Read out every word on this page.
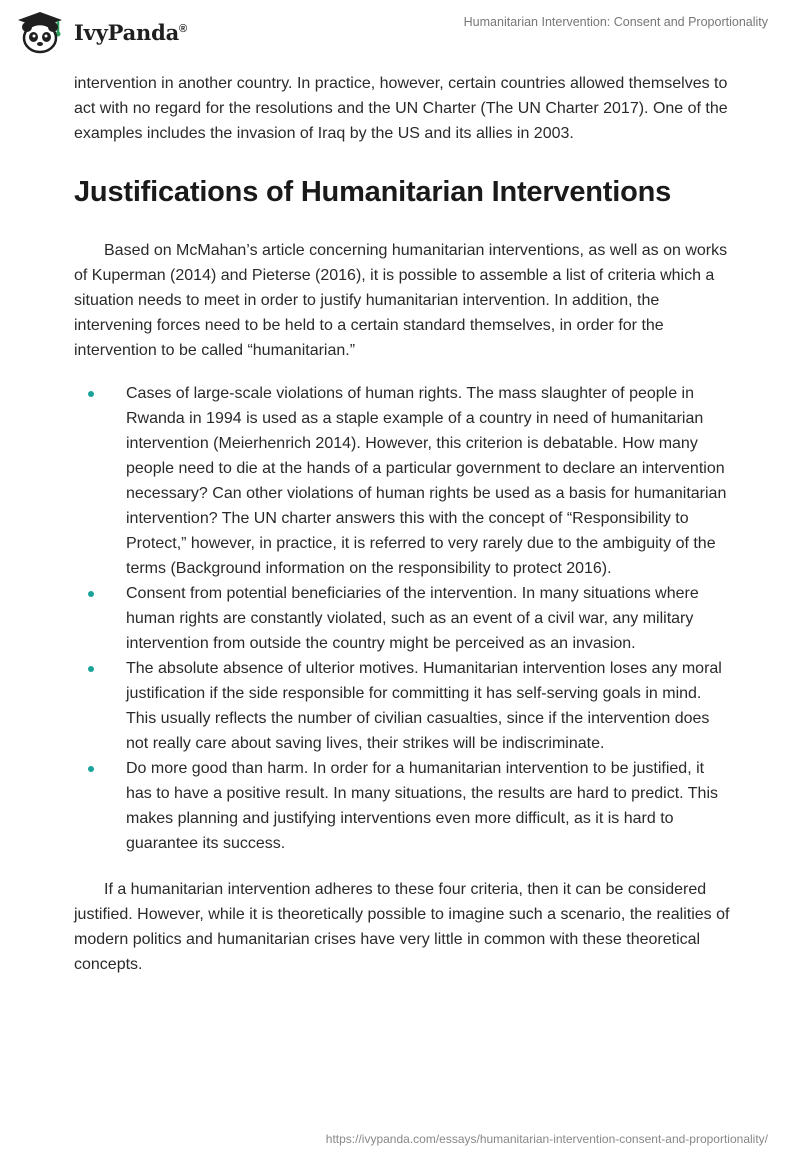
IvyPanda®	Humanitarian Intervention: Consent and Proportionality

intervention in another country. In practice, however, certain countries allowed themselves to act with no regard for the resolutions and the UN Charter (The UN Charter 2017). One of the examples includes the invasion of Iraq by the US and its allies in 2003.

Justifications of Humanitarian Interventions

Based on McMahan’s article concerning humanitarian interventions, as well as on works of Kuperman (2014) and Pieterse (2016), it is possible to assemble a list of criteria which a situation needs to meet in order to justify humanitarian intervention. In addition, the intervening forces need to be held to a certain standard themselves, in order for the intervention to be called “humanitarian.”

Cases of large-scale violations of human rights. The mass slaughter of people in Rwanda in 1994 is used as a staple example of a country in need of humanitarian intervention (Meierhenrich 2014). However, this criterion is debatable. How many people need to die at the hands of a particular government to declare an intervention necessary? Can other violations of human rights be used as a basis for humanitarian intervention? The UN charter answers this with the concept of “Responsibility to Protect,” however, in practice, it is referred to very rarely due to the ambiguity of the terms (Background information on the responsibility to protect 2016).
Consent from potential beneficiaries of the intervention. In many situations where human rights are constantly violated, such as an event of a civil war, any military intervention from outside the country might be perceived as an invasion.
The absolute absence of ulterior motives. Humanitarian intervention loses any moral justification if the side responsible for committing it has self-serving goals in mind. This usually reflects the number of civilian casualties, since if the intervention does not really care about saving lives, their strikes will be indiscriminate.
Do more good than harm. In order for a humanitarian intervention to be justified, it has to have a positive result. In many situations, the results are hard to predict. This makes planning and justifying interventions even more difficult, as it is hard to guarantee its success.

If a humanitarian intervention adheres to these four criteria, then it can be considered justified. However, while it is theoretically possible to imagine such a scenario, the realities of modern politics and humanitarian crises have very little in common with these theoretical concepts.

https://ivypanda.com/essays/humanitarian-intervention-consent-and-proportionality/
